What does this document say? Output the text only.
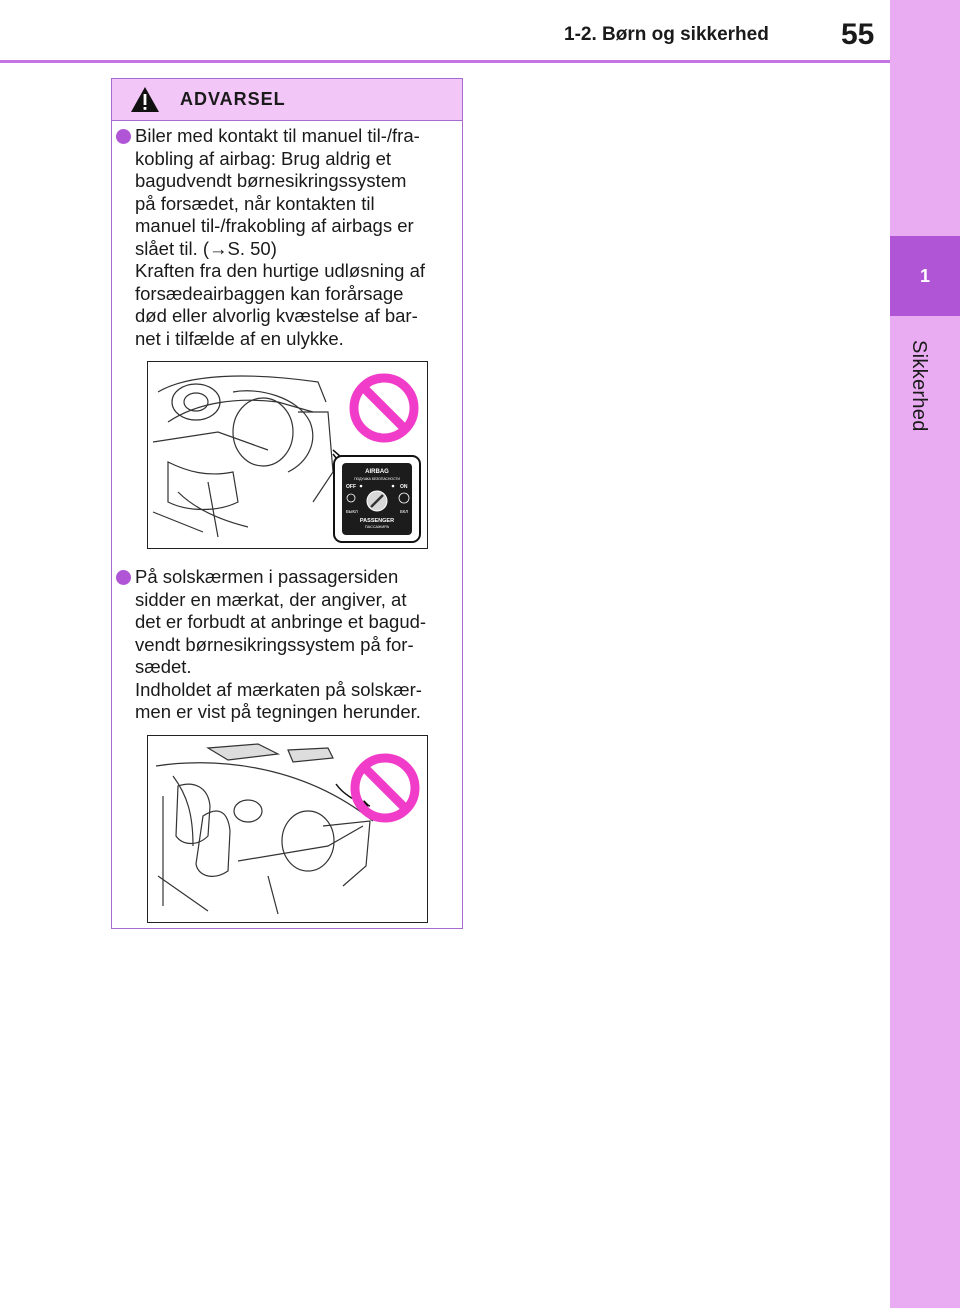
1
Sikkerhed
1-2. Børn og sikkerhed 55
ADVARSEL
Biler med kontakt til manuel til-/fra-
kobling af airbag: Brug aldrig et
bagudvendt børnesikringssystem
på forsædet, når kontakten til
manuel til-/frakobling af airbags er
slået til. (→S. 50)
Kraften fra den hurtige udløsning af
forsædeairbaggen kan forårsage
død eller alvorlig kvæstelse af bar-
net i tilfælde af en ulykke.
AIRBAG
ПОДУШКА БЕЗОПАСНОСТИ
OFF	ON
ВЫКЛ	ВКЛ
PASSENGER
ПАССАЖИРА
På solskærmen i passagersiden
sidder en mærkat, der angiver, at
det er forbudt at anbringe et bagud-
vendt børnesikringssystem på for-
sædet.
Indholdet af mærkaten på solskær-
men er vist på tegningen herunder.
